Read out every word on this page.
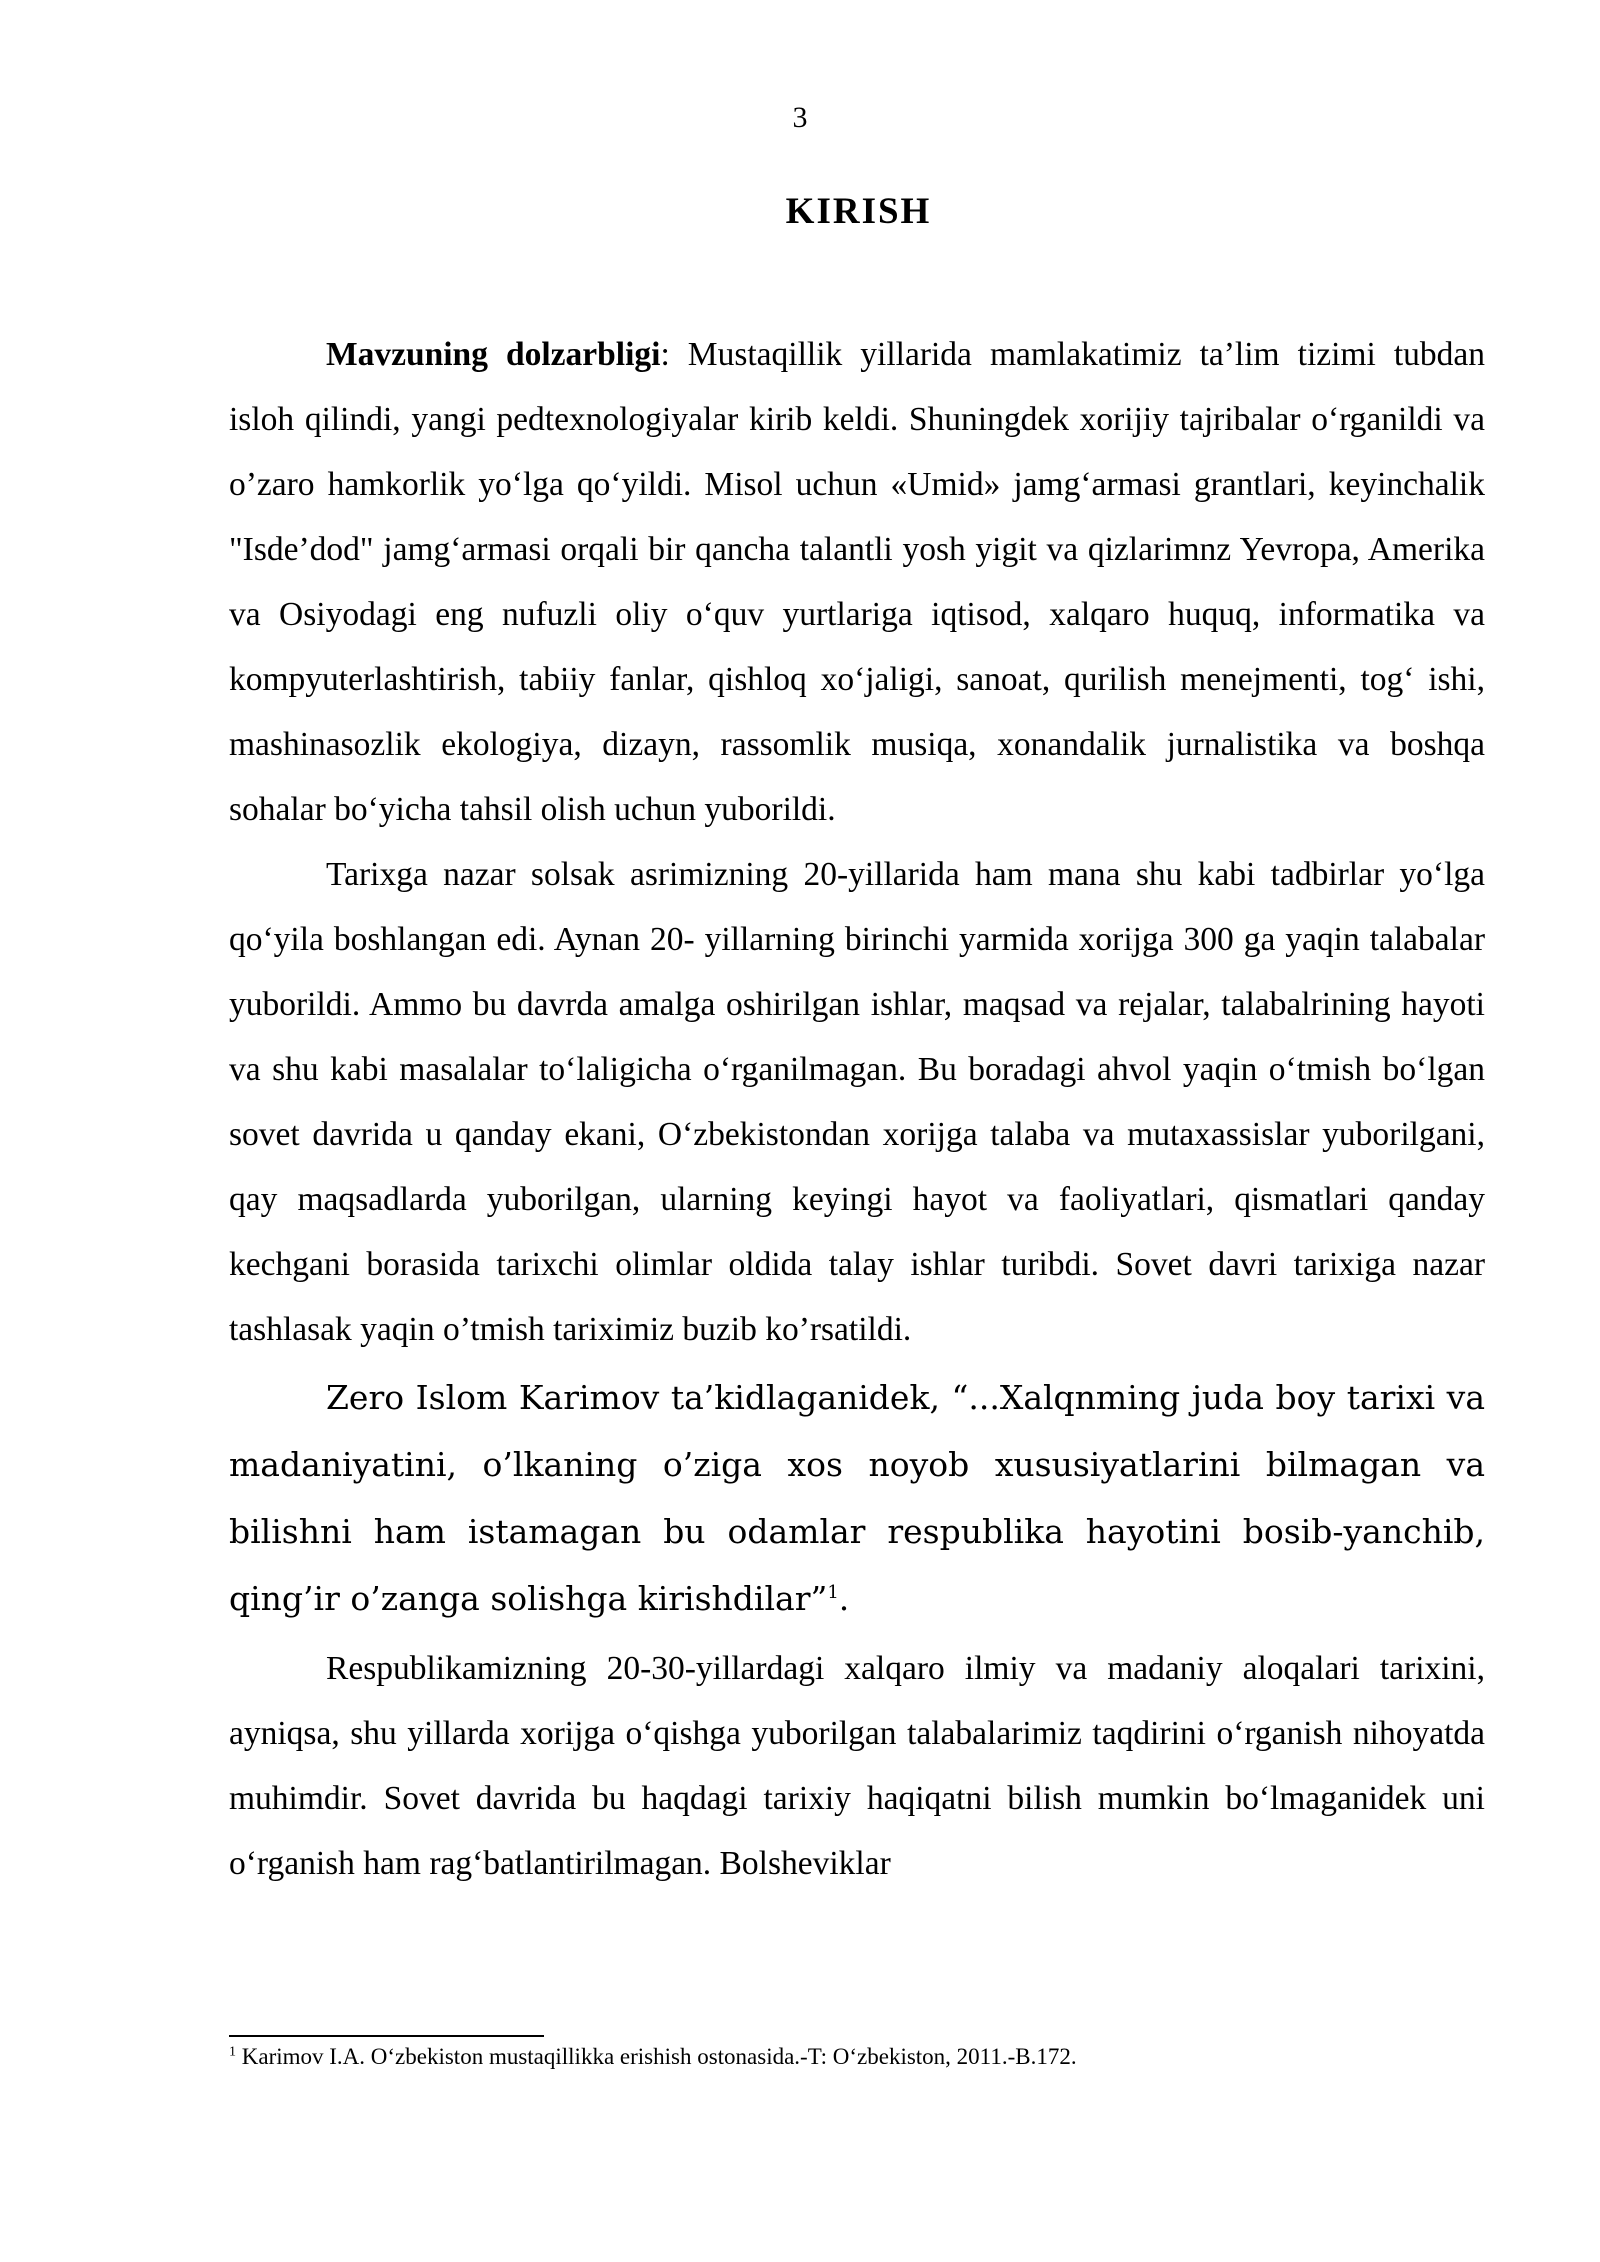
3
KIRISH

Mavzuning dolzarbligi: Mustaqillik yillarida mamlakatimiz ta’lim tizimi tubdan isloh qilindi, yangi pedtexnologiyalar kirib keldi. Shuningdek xorijiy tajribalar o‘rganildi va o’zaro hamkorlik yo‘lga qo‘yildi. Misol uchun «Umid» jamg‘armasi grantlari, keyinchalik "Isde’dod" jamg‘armasi orqali bir qancha talantli yosh yigit va qizlarimnz Yevropa, Amerika va Osiyodagi eng nufuzli oliy o‘quv yurtlariga iqtisod, xalqaro huquq, informatika va kompyuterlashtirish, tabiiy fanlar, qishloq xo‘jaligi, sanoat, qurilish menejmenti, tog‘ ishi, mashinasozlik ekologiya, dizayn, rassomlik musiqa, xonandalik jurnalistika va boshqa sohalar bo‘yicha tahsil olish uchun yuborildi.

Tarixga nazar solsak asrimizning 20-yillarida ham mana shu kabi tadbirlar yo‘lga qo‘yila boshlangan edi. Aynan 20- yillarning birinchi yarmida xorijga 300 ga yaqin talabalar yuborildi. Ammo bu davrda amalga oshirilgan ishlar, maqsad va rejalar, talabalrining hayoti va shu kabi masalalar to‘laligicha o‘rganilmagan. Bu boradagi ahvol yaqin o‘tmish bo‘lgan sovet davrida u qanday ekani, O‘zbekistondan xorijga talaba va mutaxassislar yuborilgani, qay maqsadlarda yuborilgan, ularning keyingi hayot va faoliyatlari, qismatlari qanday kechgani borasida tarixchi olimlar oldida talay ishlar turibdi. Sovet davri tarixiga nazar tashlasak yaqin o’tmish tariximiz buzib ko’rsatildi.

Zero Islom Karimov ta’kidlaganidek, “...Xalqnming juda boy tarixi va madaniyatini, o’lkaning o’ziga xos noyob xususiyatlarini bilmagan va bilishni ham istamagan bu odamlar respublika hayotini bosib-yanchib, qing’ir o’zanga solishga kirishdilar”$^1$.

Respublikamizning 20-30-yillardagi xalqaro ilmiy va madaniy aloqalari tarixini, ayniqsa, shu yillarda xorijga o‘qishga yuborilgan talabalarimiz taqdirini o‘rganish nihoyatda muhimdir. Sovet davrida bu haqdagi tarixiy haqiqatni bilish mumkin bo‘lmaganidek uni o‘rganish ham rag‘batlantirilmagan. Bolsheviklar

$^1$ Karimov I.A. O‘zbekiston mustaqillikka erishish ostonasida.-T: O‘zbekiston, 2011.-B.172.
